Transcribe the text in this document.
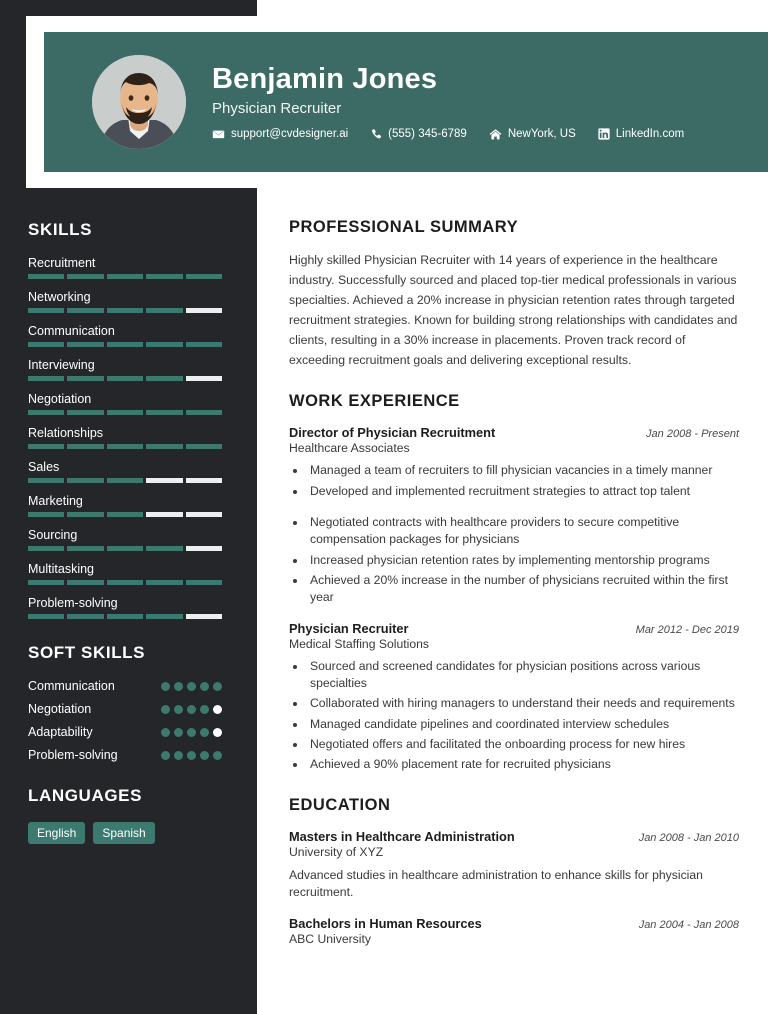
Benjamin Jones
Physician Recruiter
support@cvdesigner.ai	(555) 345-6789	NewYork, US	LinkedIn.com
SKILLS
Recruitment
Networking
Communication
Interviewing
Negotiation
Relationships
Sales
Marketing
Sourcing
Multitasking
Problem-solving
SOFT SKILLS
Communication
Negotiation
Adaptability
Problem-solving
LANGUAGES
English	Spanish
PROFESSIONAL SUMMARY
Highly skilled Physician Recruiter with 14 years of experience in the healthcare industry. Successfully sourced and placed top-tier medical professionals in various specialties. Achieved a 20% increase in physician retention rates through targeted recruitment strategies. Known for building strong relationships with candidates and clients, resulting in a 30% increase in placements. Proven track record of exceeding recruitment goals and delivering exceptional results.
WORK EXPERIENCE
Director of Physician Recruitment	Jan 2008 - Present
Healthcare Associates
• Managed a team of recruiters to fill physician vacancies in a timely manner
• Developed and implemented recruitment strategies to attract top talent
• Negotiated contracts with healthcare providers to secure competitive compensation packages for physicians
• Increased physician retention rates by implementing mentorship programs
• Achieved a 20% increase in the number of physicians recruited within the first year
Physician Recruiter	Mar 2012 - Dec 2019
Medical Staffing Solutions
• Sourced and screened candidates for physician positions across various specialties
• Collaborated with hiring managers to understand their needs and requirements
• Managed candidate pipelines and coordinated interview schedules
• Negotiated offers and facilitated the onboarding process for new hires
• Achieved a 90% placement rate for recruited physicians
EDUCATION
Masters in Healthcare Administration	Jan 2008 - Jan 2010
University of XYZ
Advanced studies in healthcare administration to enhance skills for physician recruitment.
Bachelors in Human Resources	Jan 2004 - Jan 2008
ABC University
